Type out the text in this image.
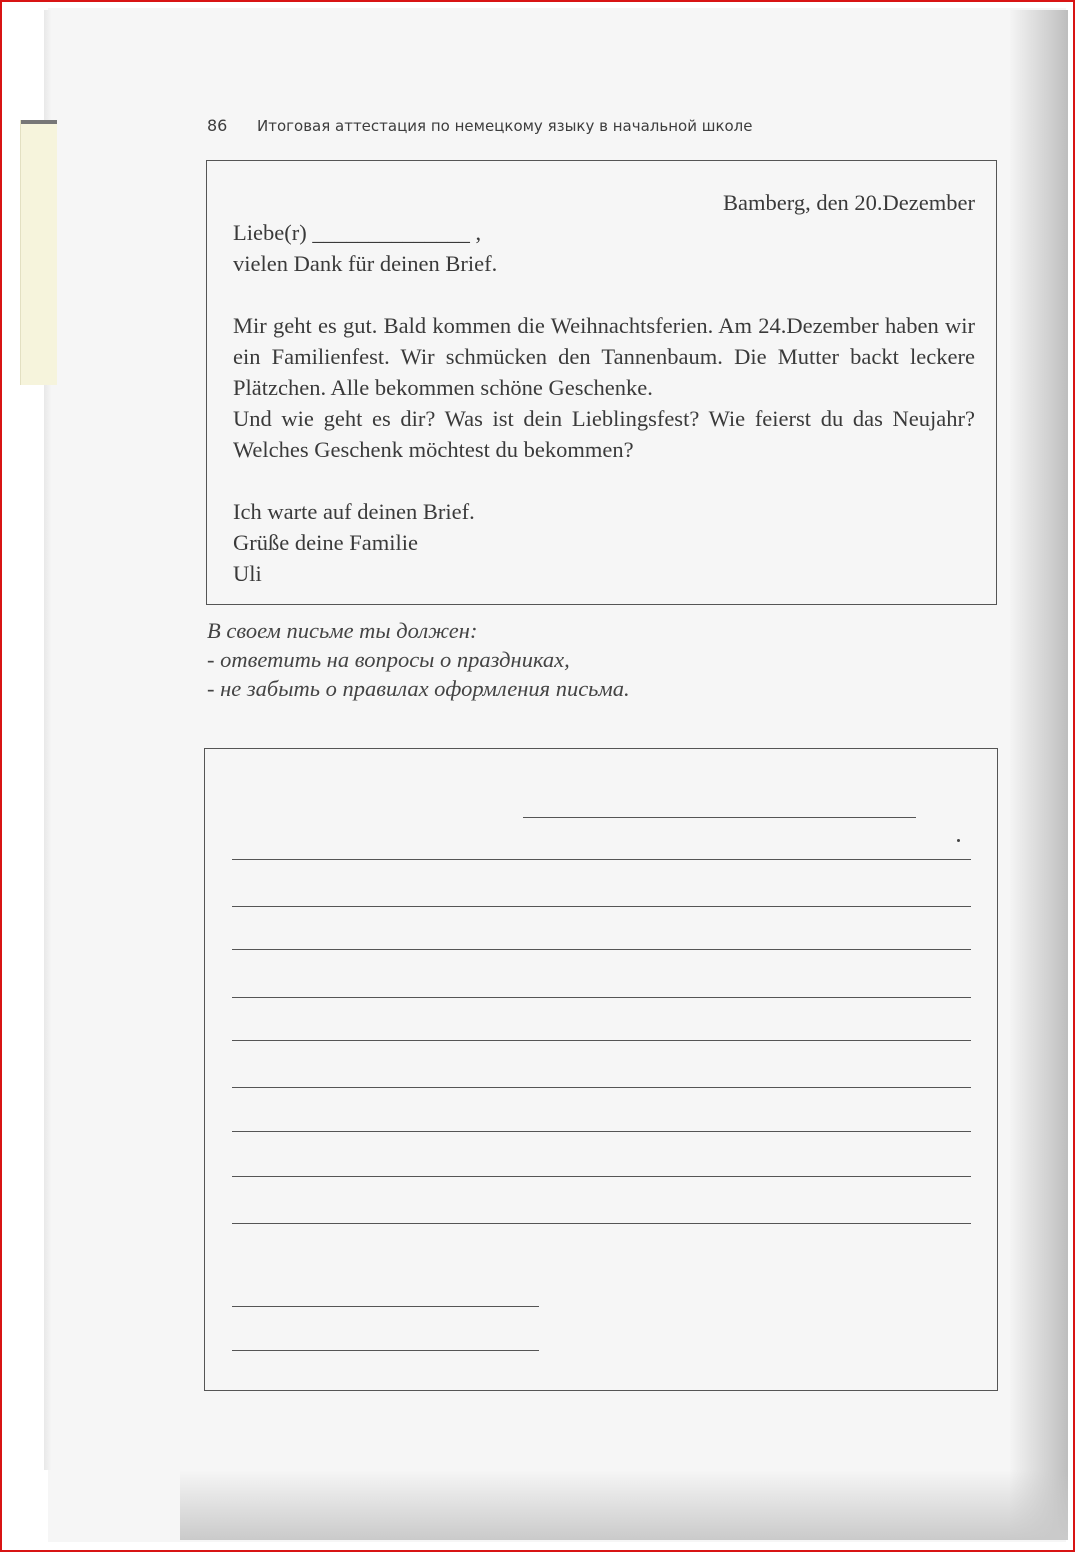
86 Итоговая аттестация по немецкому языку в начальной школе
Bamberg, den 20.Dezember
Liebe(r) ______________ ,
vielen Dank für deinen Brief.
Mir geht es gut. Bald kommen die Weihnachtsferien. Am 24.Dezember haben wir ein Familienfest. Wir schmücken den Tannenbaum. Die Mutter backt leckere Plätzchen. Alle bekommen schöne Geschenke.
Und wie geht es dir? Was ist dein Lieblingsfest? Wie feierst du das Neujahr? Welches Geschenk möchtest du bekommen?
Ich warte auf deinen Brief.
Grüße deine Familie
Uli
В своем письме ты должен:
- ответить на вопросы о праздниках,
- не забыть о правилах оформления письма.
